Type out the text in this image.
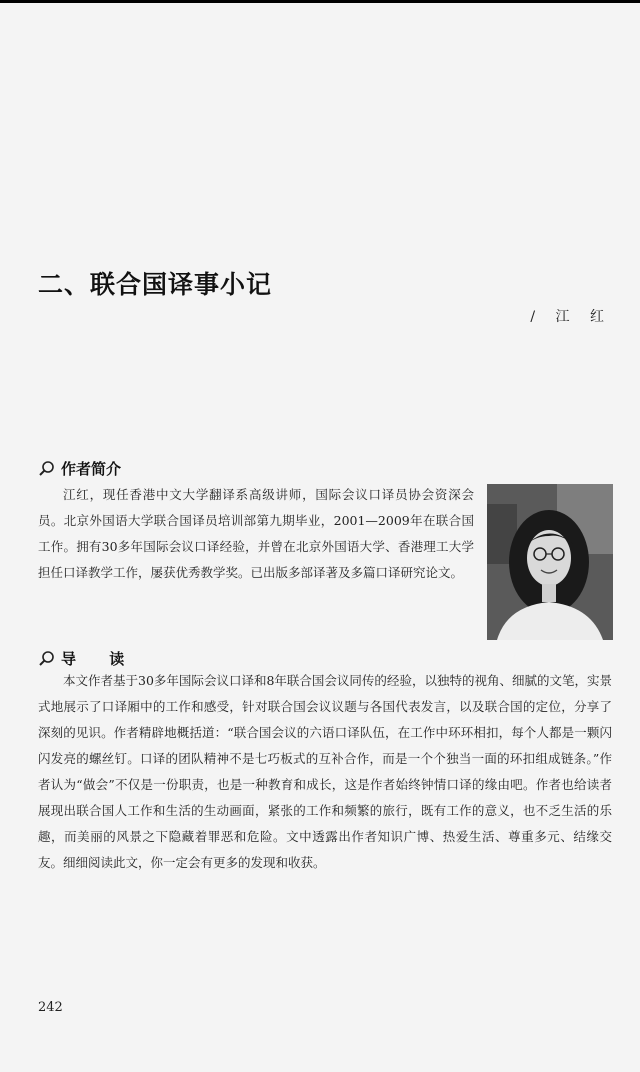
二、联合国译事小记
/ 江 红
作者简介

江红，现任香港中文大学翻译系高级讲师，国际会议口译员协会资深会员。北京外国语大学联合国译员培训部第九期毕业，2001—2009年在联合国工作。拥有30多年国际会议口译经验，并曾在北京外国语大学、香港理工大学担任口译教学工作，屡获优秀教学奖。已出版多部译著及多篇口译研究论文。

导 读

本文作者基于30多年国际会议口译和8年联合国会议同传的经验，以独特的视角、细腻的文笔，实景式地展示了口译厢中的工作和感受，针对联合国会议议题与各国代表发言，以及联合国的定位，分享了深刻的见识。作者精辟地概括道：“联合国会议的六语口译队伍，在工作中环环相扣，每个人都是一颗闪闪发亮的螺丝钉。口译的团队精神不是七巧板式的互补合作，而是一个个独当一面的环扣组成链条。”作者认为“做会”不仅是一份职责，也是一种教育和成长，这是作者始终钟情口译的缘由吧。作者也给读者展现出联合国人工作和生活的生动画面，紧张的工作和频繁的旅行，既有工作的意义，也不乏生活的乐趣，而美丽的风景之下隐藏着罪恶和危险。文中透露出作者知识广博、热爱生活、尊重多元、结缘交友。细细阅读此文，你一定会有更多的发现和收获。

242
